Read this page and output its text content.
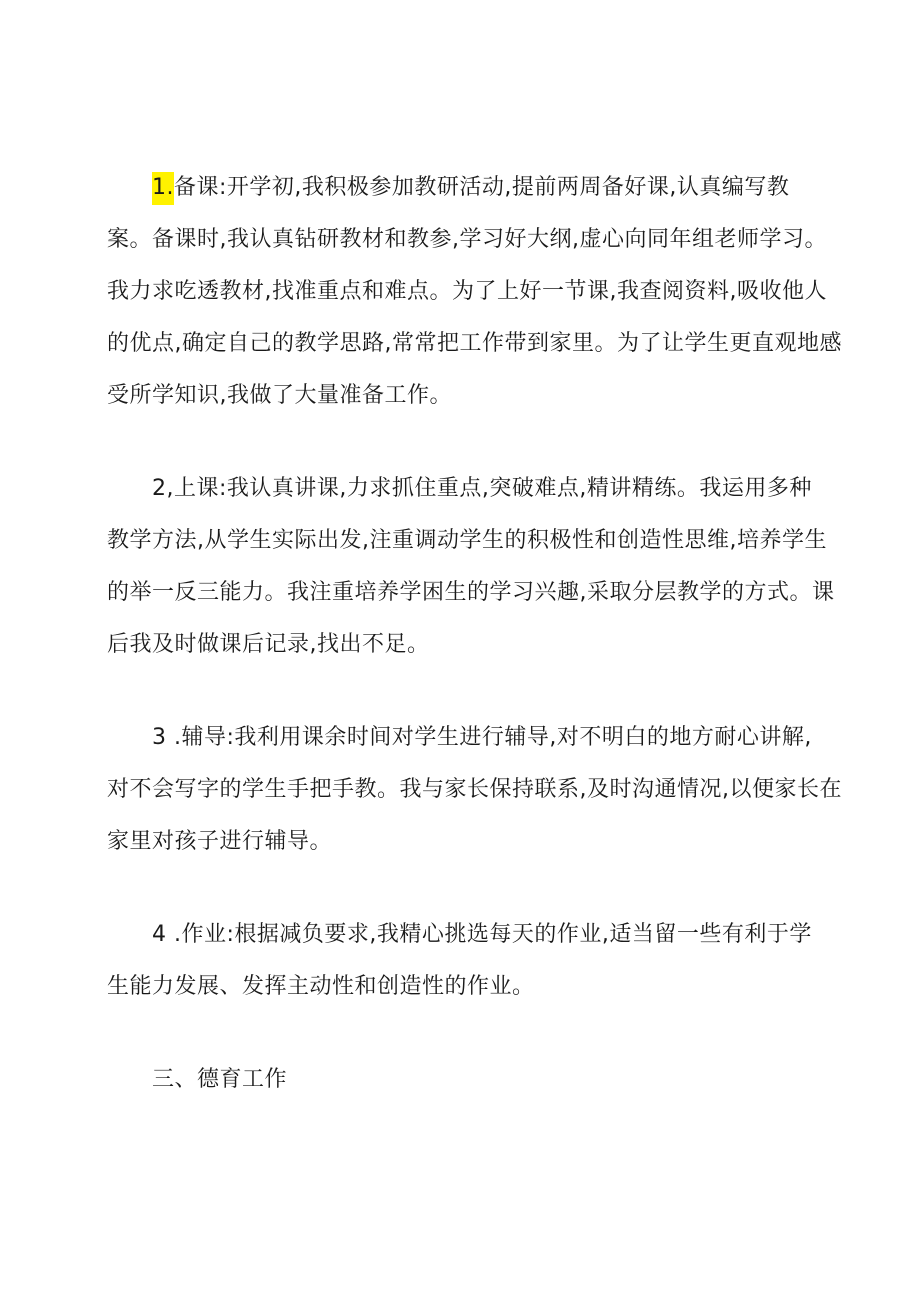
1.备课:开学初,我积极参加教研活动,提前两周备好课,认真编写教
案。备课时,我认真钻研教材和教参,学习好大纲,虚心向同年组老师学习。
我力求吃透教材,找准重点和难点。为了上好一节课,我查阅资料,吸收他人
的优点,确定自己的教学思路,常常把工作带到家里。为了让学生更直观地感
受所学知识,我做了大量准备工作。
2,上课:我认真讲课,力求抓住重点,突破难点,精讲精练。我运用多种
教学方法,从学生实际出发,注重调动学生的积极性和创造性思维,培养学生
的举一反三能力。我注重培养学困生的学习兴趣,采取分层教学的方式。课
后我及时做课后记录,找出不足。
3 .辅导:我利用课余时间对学生进行辅导,对不明白的地方耐心讲解,
对不会写字的学生手把手教。我与家长保持联系,及时沟通情况,以便家长在
家里对孩子进行辅导。
4 .作业:根据减负要求,我精心挑选每天的作业,适当留一些有利于学
生能力发展、发挥主动性和创造性的作业。
三、德育工作
